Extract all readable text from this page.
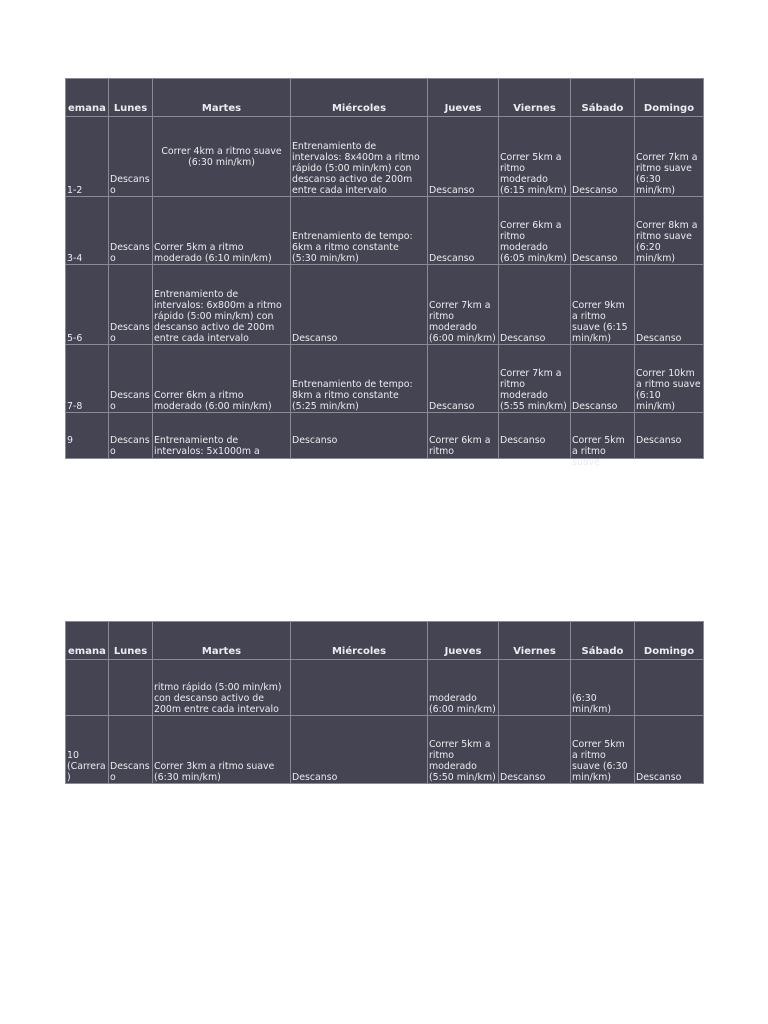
emana	Lunes	Martes	Miércoles	Jueves	Viernes	Sábado	Domingo
1-2	Descanso	Correr 4km a ritmo suave (6:30 min/km)	Entrenamiento de intervalos: 8x400m a ritmo rápido (5:00 min/km) con descanso activo de 200m entre cada intervalo	Descanso	Correr 5km a ritmo moderado (6:15 min/km)	Descanso	Correr 7km a ritmo suave (6:30 min/km)
3-4	Descanso	Correr 5km a ritmo moderado (6:10 min/km)	Entrenamiento de tempo: 6km a ritmo constante (5:30 min/km)	Descanso	Correr 6km a ritmo moderado (6:05 min/km)	Descanso	Correr 8km a ritmo suave (6:20 min/km)
5-6	Descanso	Entrenamiento de intervalos: 6x800m a ritmo rápido (5:00 min/km) con descanso activo de 200m entre cada intervalo	Descanso	Correr 7km a ritmo moderado (6:00 min/km)	Descanso	Correr 9km a ritmo suave (6:15 min/km)	Descanso
7-8	Descanso	Correr 6km a ritmo moderado (6:00 min/km)	Entrenamiento de tempo: 8km a ritmo constante (5:25 min/km)	Descanso	Correr 7km a ritmo moderado (5:55 min/km)	Descanso	Correr 10km a ritmo suave (6:10 min/km)

9	Descanso	Entrenamiento de intervalos: 5x1000m a	Descanso	Correr 6km a ritmo	Descanso	Correr 5km a ritmo suave	Descanso
emana	Lunes	Martes	Miércoles	Jueves	Viernes	Sábado	Domingo
		ritmo rápido (5:00 min/km) con descanso activo de 200m entre cada intervalo		moderado (6:00 min/km)		(6:30 min/km)	
10 (Carrera)	Descanso	Correr 3km a ritmo suave (6:30 min/km)	Descanso	Correr 5km a ritmo moderado (5:50 min/km)	Descanso	Correr 5km a ritmo suave (6:30 min/km)	Descanso
